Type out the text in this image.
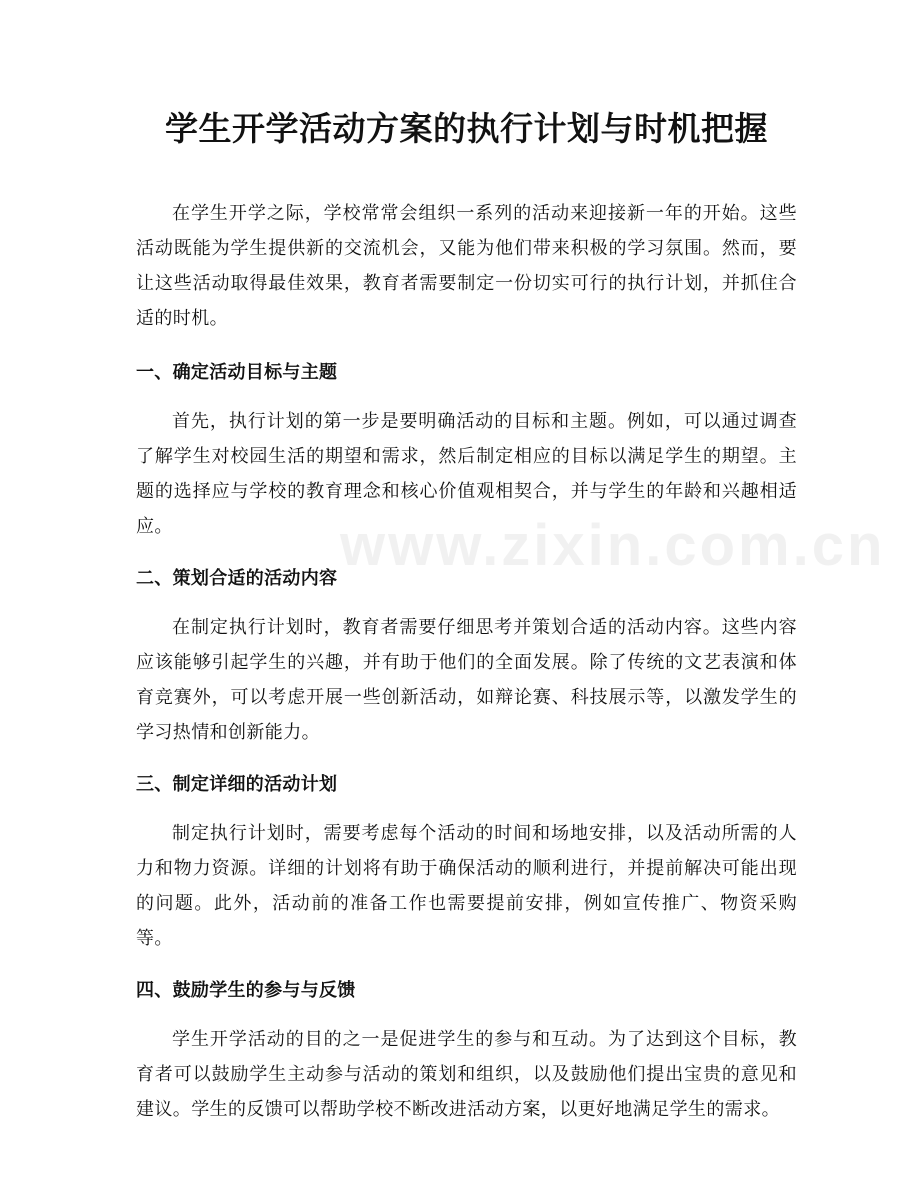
学生开学活动方案的执行计划与时机把握

在学生开学之际，学校常常会组织一系列的活动来迎接新一年的开始。这些活动既能为学生提供新的交流机会，又能为他们带来积极的学习氛围。然而，要让这些活动取得最佳效果，教育者需要制定一份切实可行的执行计划，并抓住合适的时机。

一、确定活动目标与主题

首先，执行计划的第一步是要明确活动的目标和主题。例如，可以通过调查了解学生对校园生活的期望和需求，然后制定相应的目标以满足学生的期望。主题的选择应与学校的教育理念和核心价值观相契合，并与学生的年龄和兴趣相适应。

二、策划合适的活动内容

在制定执行计划时，教育者需要仔细思考并策划合适的活动内容。这些内容应该能够引起学生的兴趣，并有助于他们的全面发展。除了传统的文艺表演和体育竞赛外，可以考虑开展一些创新活动，如辩论赛、科技展示等，以激发学生的学习热情和创新能力。

三、制定详细的活动计划

制定执行计划时，需要考虑每个活动的时间和场地安排，以及活动所需的人力和物力资源。详细的计划将有助于确保活动的顺利进行，并提前解决可能出现的问题。此外，活动前的准备工作也需要提前安排，例如宣传推广、物资采购等。

四、鼓励学生的参与与反馈

学生开学活动的目的之一是促进学生的参与和互动。为了达到这个目标，教育者可以鼓励学生主动参与活动的策划和组织，以及鼓励他们提出宝贵的意见和建议。学生的反馈可以帮助学校不断改进活动方案，以更好地满足学生的需求。

www.zixin.com.cn
